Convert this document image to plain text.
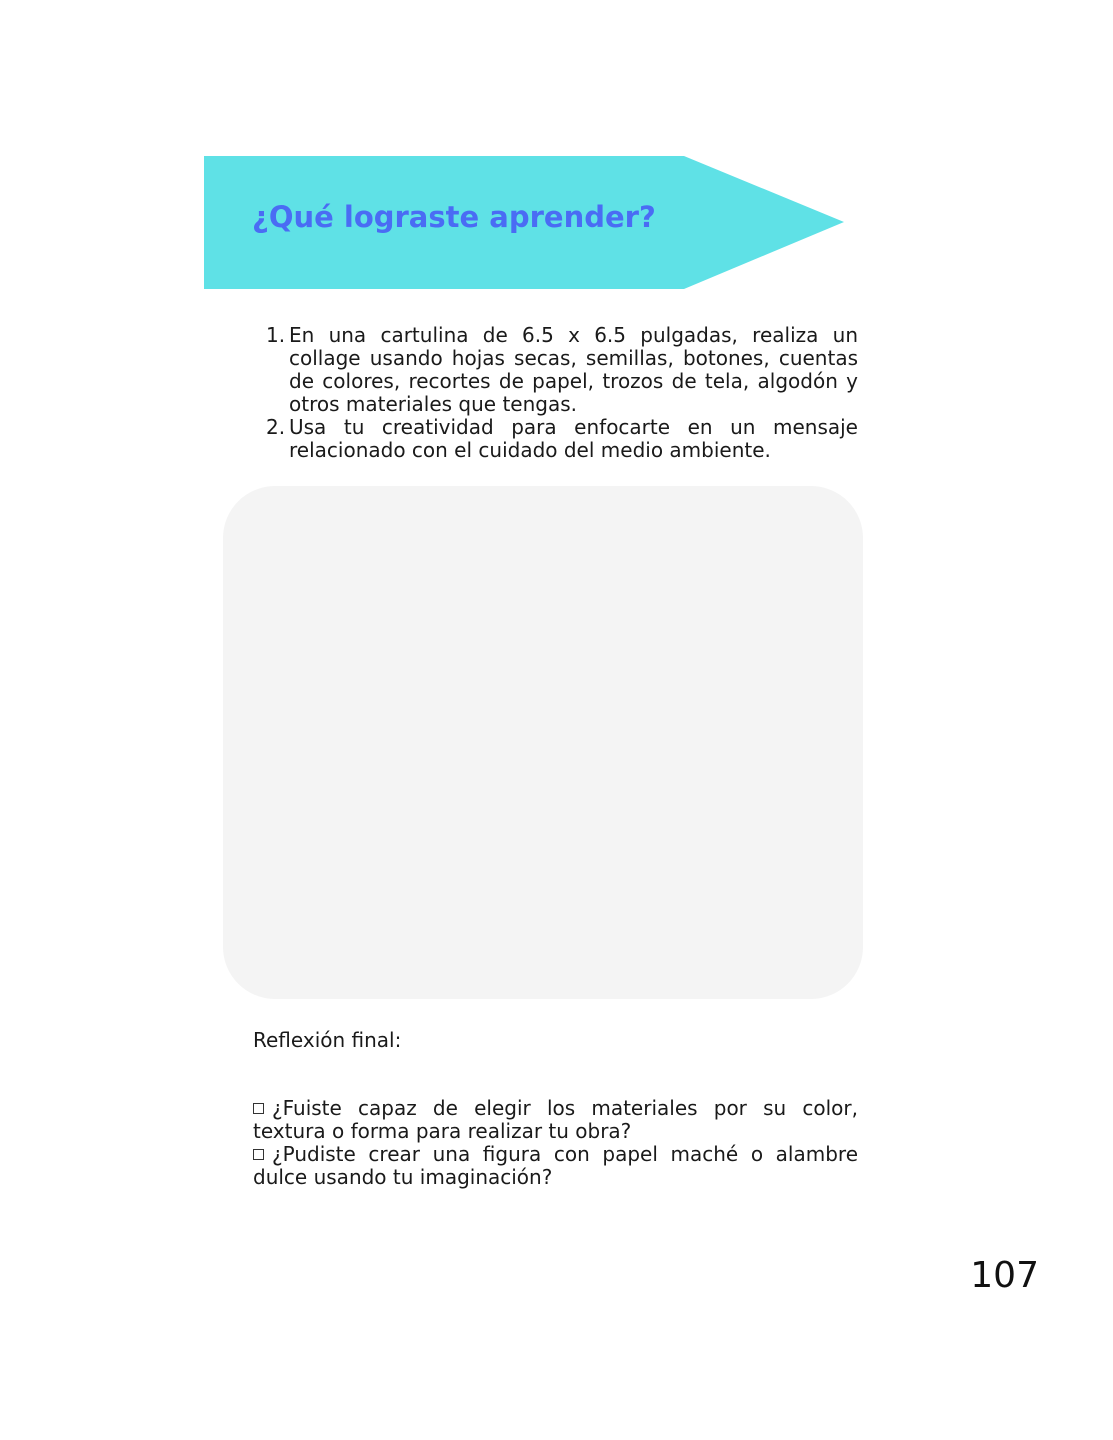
¿Qué lograste aprender?
1. En una cartulina de 6.5 x 6.5 pulgadas, realiza un collage usando hojas secas, semillas, botones, cuentas de colores, recortes de papel, trozos de tela, algodón y otros materiales que tengas.
2. Usa tu creatividad para enfocarte en un mensaje relacionado con el cuidado del medio ambiente.

Reflexión final:

¿Fuiste capaz de elegir los materiales por su color, textura o forma para realizar tu obra?
¿Pudiste crear una figura con papel maché o alambre dulce usando tu imaginación?

107
